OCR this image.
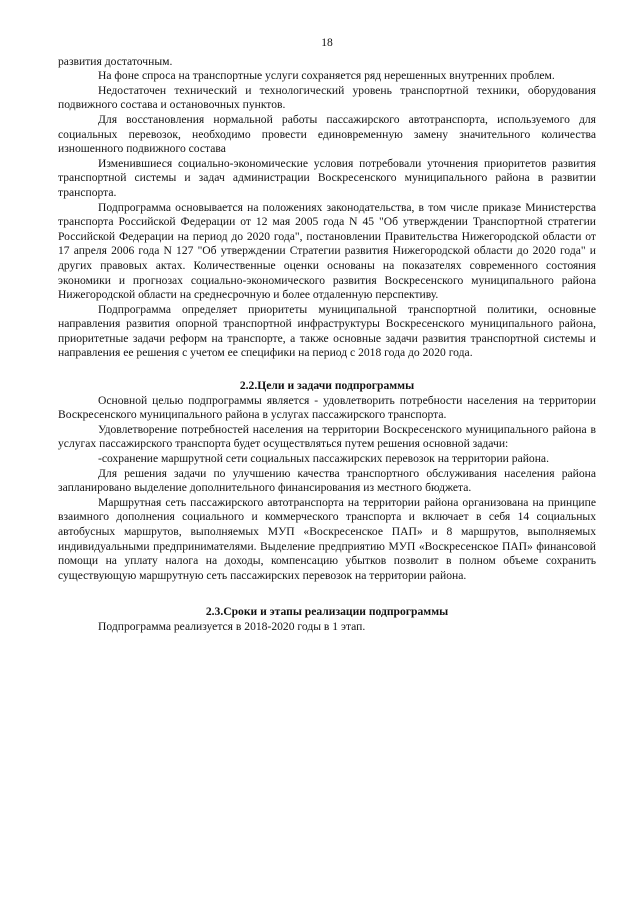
18

развития достаточным.

На фоне спроса на транспортные услуги сохраняется ряд нерешенных внутренних проблем.

Недостаточен технический и технологический уровень транспортной техники, оборудования подвижного состава и остановочных пунктов.

Для восстановления нормальной работы пассажирского автотранспорта, используемого для социальных перевозок, необходимо провести единовременную замену значительного количества изношенного подвижного состава

Изменившиеся социально-экономические условия потребовали уточнения приоритетов развития транспортной системы и задач администрации Воскресенского муниципального района в развитии транспорта.

Подпрограмма основывается на положениях законодательства, в том числе приказе Министерства транспорта Российской Федерации от 12 мая 2005 года N 45 "Об утверждении Транспортной стратегии Российской Федерации на период до 2020 года", постановлении Правительства Нижегородской области от 17 апреля 2006 года N 127 "Об утверждении Стратегии развития Нижегородской области до 2020 года" и других правовых актах. Количественные оценки основаны на показателях современного состояния экономики и прогнозах социально-экономического развития Воскресенского муниципального района Нижегородской области на среднесрочную и более отдаленную перспективу.

Подпрограмма определяет приоритеты муниципальной транспортной политики, основные направления развития опорной транспортной инфраструктуры Воскресенского муниципального района, приоритетные задачи реформ на транспорте, а также основные задачи развития транспортной системы и направления ее решения с учетом ее специфики на период с 2018 года до 2020 года.

2.2.Цели и задачи подпрограммы

Основной целью подпрограммы является - удовлетворить потребности населения на территории Воскресенского муниципального района в услугах пассажирского транспорта.

Удовлетворение потребностей населения на территории Воскресенского муниципального района в услугах пассажирского транспорта будет осуществляться путем решения основной задачи:

-сохранение маршрутной сети социальных пассажирских перевозок на территории района.

Для решения задачи по улучшению качества транспортного обслуживания населения района запланировано выделение дополнительного финансирования из местного бюджета.

Маршрутная сеть пассажирского автотранспорта на территории района организована на принципе взаимного дополнения социального и коммерческого транспорта и включает в себя 14 социальных автобусных маршрутов, выполняемых МУП «Воскресенское ПАП» и 8 маршрутов, выполняемых индивидуальными предпринимателями. Выделение предприятию МУП «Воскресенское ПАП» финансовой помощи на уплату налога на доходы, компенсацию убытков позволит в полном объеме сохранить существующую маршрутную сеть пассажирских перевозок на территории района.

2.3.Сроки и этапы реализации подпрограммы

Подпрограмма реализуется в 2018-2020 годы в 1 этап.
